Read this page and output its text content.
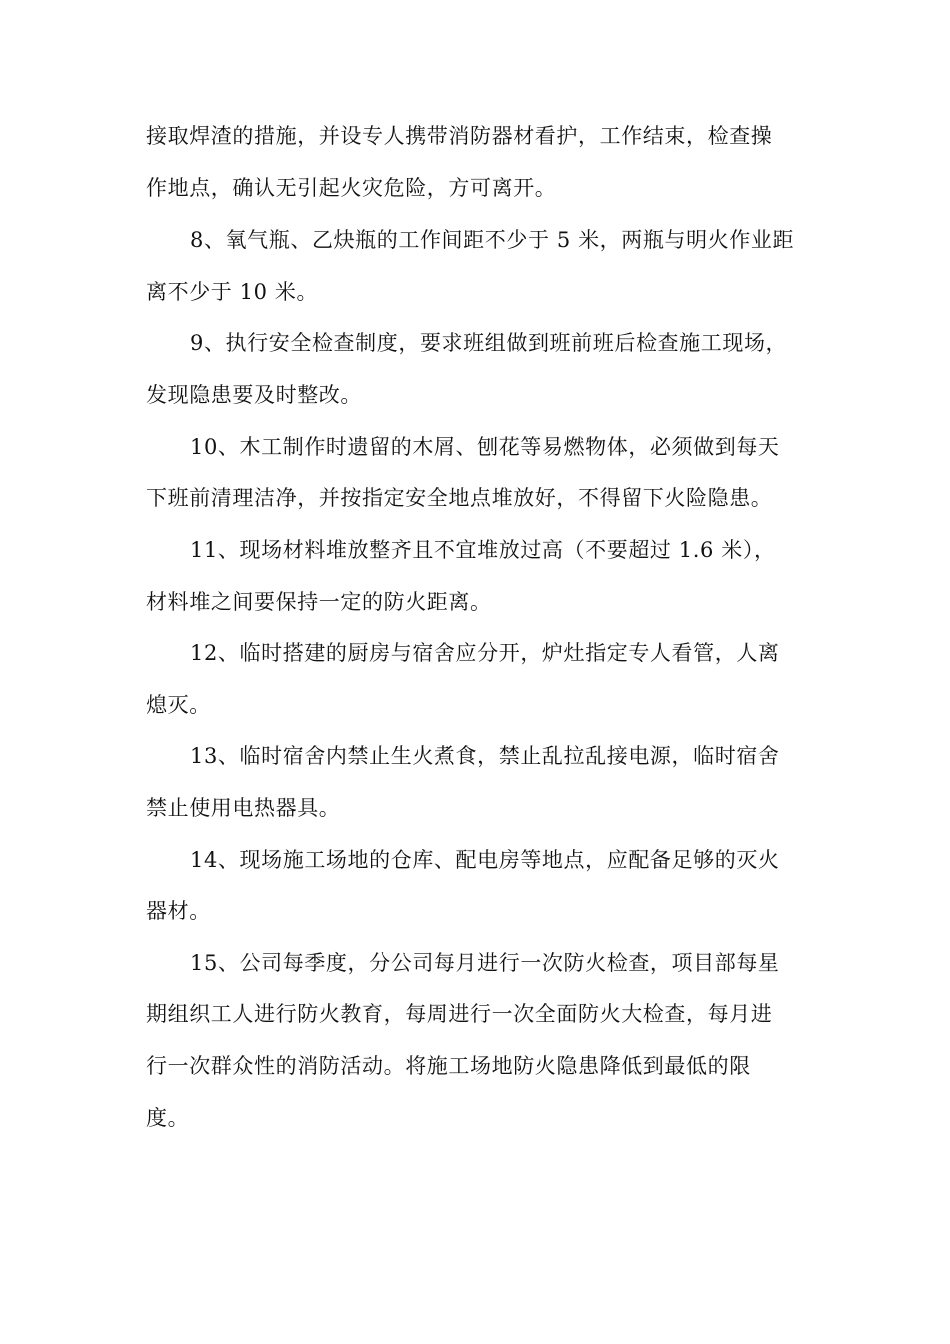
接取焊渣的措施，并设专人携带消防器材看护，工作结束，检查操
作地点，确认无引起火灾危险，方可离开。
8、氧气瓶、乙炔瓶的工作间距不少于 5 米，两瓶与明火作业距
离不少于 10 米。
9、执行安全检查制度，要求班组做到班前班后检查施工现场，
发现隐患要及时整改。
10、木工制作时遗留的木屑、刨花等易燃物体，必须做到每天
下班前清理洁净，并按指定安全地点堆放好，不得留下火险隐患。
11、现场材料堆放整齐且不宜堆放过高（不要超过 1.6 米），
材料堆之间要保持一定的防火距离。
12、临时搭建的厨房与宿舍应分开，炉灶指定专人看管，人离
熄灭。
13、临时宿舍内禁止生火煮食，禁止乱拉乱接电源，临时宿舍
禁止使用电热器具。
14、现场施工场地的仓库、配电房等地点，应配备足够的灭火
器材。
15、公司每季度，分公司每月进行一次防火检查，项目部每星
期组织工人进行防火教育，每周进行一次全面防火大检查，每月进
行一次群众性的消防活动。将施工场地防火隐患降低到最低的限
度。
